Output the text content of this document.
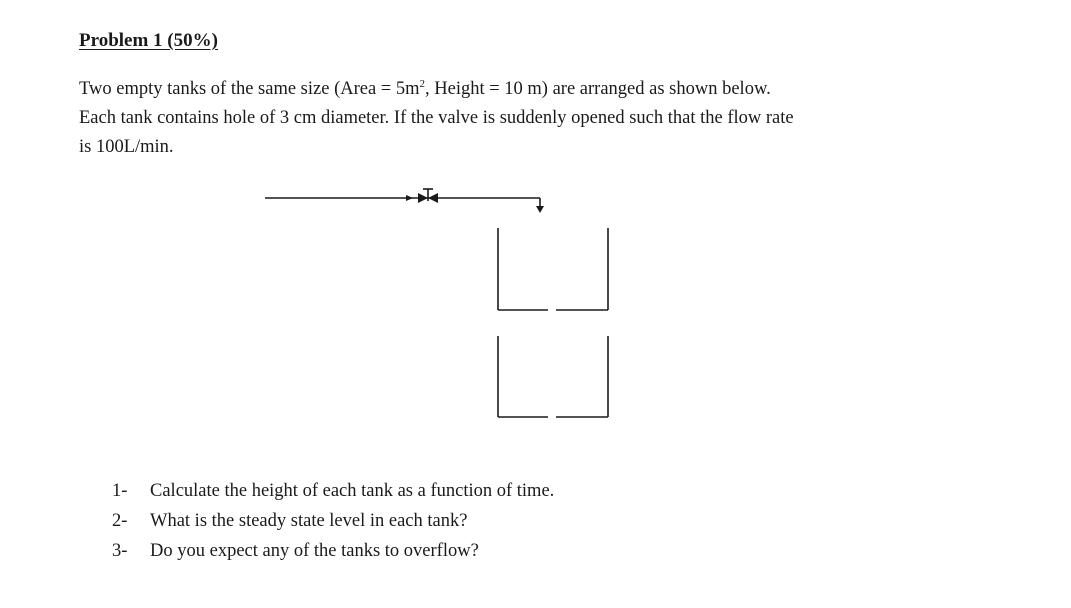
Problem 1 (50%)
Two empty tanks of the same size (Area = $5m^2$, Height = 10 m) are arranged as shown below.
Each tank contains hole of 3 cm diameter. If the valve is suddenly opened such that the flow rate
is 100L/min.
1-	Calculate the height of each tank as a function of time.
2-	What is the steady state level in each tank?
3-	Do you expect any of the tanks to overflow?
